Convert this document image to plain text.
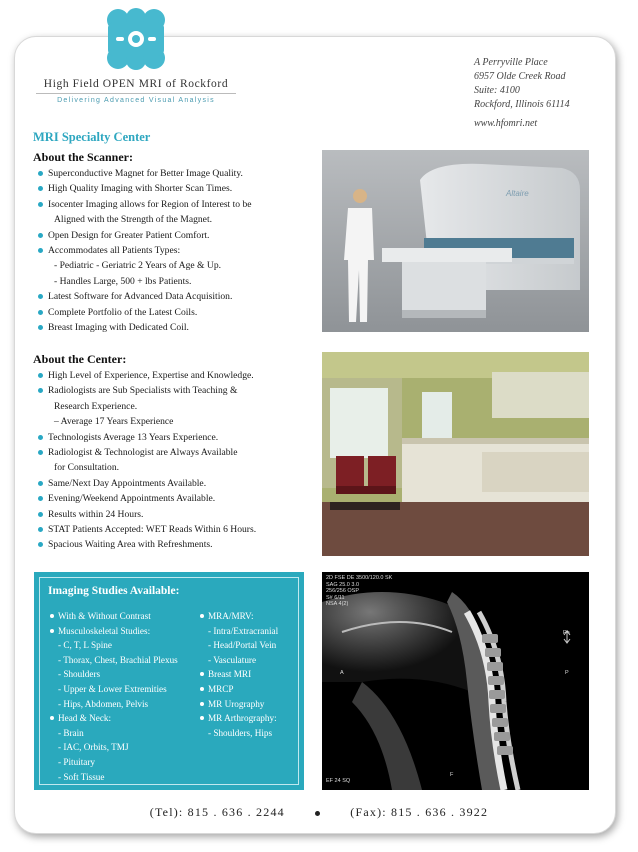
High Field OPEN MRI of Rockford
Delivering Advanced Visual Analysis
A Perryville Place
6957 Olde Creek Road
Suite: 4100
Rockford, Illinois 61114
www.hfomri.net
MRI Specialty Center
About the Scanner:
Superconductive Magnet for Better Image Quality.
High Quality Imaging with Shorter Scan Times.
Isocenter Imaging allows for Region of Interest to be
Aligned with the Strength of the Magnet.
Open Design for Greater Patient Comfort.
Accommodates all Patients Types:
- Pediatric - Geriatric 2 Years of Age & Up.
- Handles Large, 500 + lbs Patients.
Latest Software for Advanced Data Acquisition.
Complete Portfolio of the Latest Coils.
Breast Imaging with Dedicated Coil.
About the Center:
High Level of Experience, Expertise and Knowledge.
Radiologists are Sub Specialists with Teaching &
Research Experience.
– Average 17 Years Experience
Technologists Average 13 Years Experience.
Radiologist & Technologist are Always Available
for Consultation.
Same/Next Day Appointments Available.
Evening/Weekend Appointments Available.
Results within 24 Hours.
STAT Patients Accepted: WET Reads Within 6 Hours.
Spacious Waiting Area with Refreshments.
Altaire
Imaging Studies Available:
With & Without Contrast
Musculoskeletal Studies:
- C, T, L Spine
- Thorax, Chest, Brachial Plexus
- Shoulders
- Upper & Lower Extremities
- Hips, Abdomen, Pelvis
Head & Neck:
- Brain
- IAC, Orbits, TMJ
- Pituitary
- Soft Tissue
MRA/MRV:
- Intra/Extracranial
- Head/Portal Vein
- Vasculature
Breast MRI
MRCP
MR Urography
MR Arthrography:
- Shoulders, Hips
2D FSE DE 3500/120.0 SK
SAG 25.0 3.0
256/256 OSP
S# 6/11
NSA 4(2)
Ph
A	P
F
EF 24 SQ
(Tel): 815 . 636 . 2244	(Fax): 815 . 636 . 3922
